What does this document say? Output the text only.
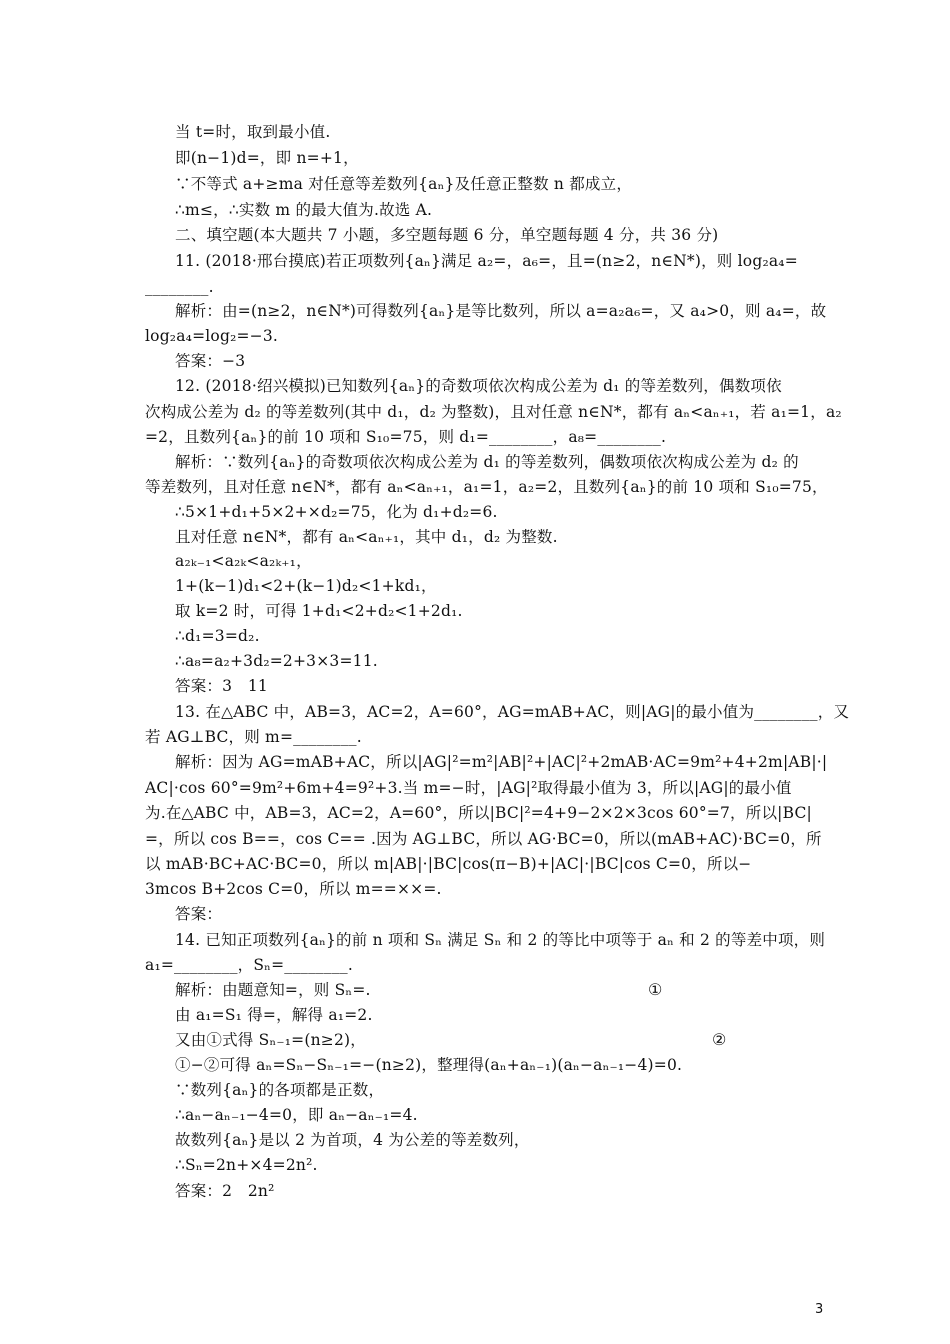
当 t=时，取到最小值.
即(n−1)d=，即 n=+1，
∵不等式 a+≥ma 对任意等差数列{aₙ}及任意正整数 n 都成立，
∴m≤，∴实数 m 的最大值为.故选 A.
二、填空题(本大题共 7 小题，多空题每题 6 分，单空题每题 4 分，共 36 分)
11. (2018·邢台摸底)若正项数列{aₙ}满足 a₂=，a₆=，且=(n≥2，n∈N*)，则 log₂a₄=
________.
解析：由=(n≥2，n∈N*)可得数列{aₙ}是等比数列，所以 a=a₂a₆=，又 a₄>0，则 a₄=，故
log₂a₄=log₂=−3.
答案：−3
12. (2018·绍兴模拟)已知数列{aₙ}的奇数项依次构成公差为 d₁ 的等差数列，偶数项依
次构成公差为 d₂ 的等差数列(其中 d₁，d₂ 为整数)，且对任意 n∈N*，都有 aₙ<aₙ₊₁，若 a₁=1，a₂
=2，且数列{aₙ}的前 10 项和 S₁₀=75，则 d₁=________，a₈=________.
解析：∵数列{aₙ}的奇数项依次构成公差为 d₁ 的等差数列，偶数项依次构成公差为 d₂ 的
等差数列，且对任意 n∈N*，都有 aₙ<aₙ₊₁，a₁=1，a₂=2，且数列{aₙ}的前 10 项和 S₁₀=75，
∴5×1+d₁+5×2+×d₂=75，化为 d₁+d₂=6.
且对任意 n∈N*，都有 aₙ<aₙ₊₁，其中 d₁，d₂ 为整数.
a₂ₖ₋₁<a₂ₖ<a₂ₖ₊₁，
1+(k−1)d₁<2+(k−1)d₂<1+kd₁，
取 k=2 时，可得 1+d₁<2+d₂<1+2d₁.
∴d₁=3=d₂.
∴a₈=a₂+3d₂=2+3×3=11.
答案：3　11
13. 在△ABC 中，AB=3，AC=2，A=60°，AG=mAB+AC，则|AG|的最小值为________，又
若 AG⊥BC，则 m=________.
解析：因为 AG=mAB+AC，所以|AG|²=m²|AB|²+|AC|²+2mAB·AC=9m²+4+2m|AB|·|
AC|·cos 60°=9m²+6m+4=9²+3.当 m=−时，|AG|²取得最小值为 3，所以|AG|的最小值
为.在△ABC 中，AB=3，AC=2，A=60°，所以|BC|²=4+9−2×2×3cos 60°=7，所以|BC|
=，所以 cos B==，cos C== .因为 AG⊥BC，所以 AG·BC=0，所以(mAB+AC)·BC=0，所
以 mAB·BC+AC·BC=0，所以 m|AB|·|BC|cos(π−B)+|AC|·|BC|cos C=0，所以−
3mcos B+2cos C=0，所以 m==××=.
答案：
14. 已知正项数列{aₙ}的前 n 项和 Sₙ 满足 Sₙ 和 2 的等比中项等于 aₙ 和 2 的等差中项，则
a₁=________，Sₙ=________.
解析：由题意知=，则 Sₙ=.	①
由 a₁=S₁ 得=，解得 a₁=2.
又由①式得 Sₙ₋₁=(n≥2)，	②
①−②可得 aₙ=Sₙ−Sₙ₋₁=−(n≥2)，整理得(aₙ+aₙ₋₁)(aₙ−aₙ₋₁−4)=0.
∵数列{aₙ}的各项都是正数，
∴aₙ−aₙ₋₁−4=0，即 aₙ−aₙ₋₁=4.
故数列{aₙ}是以 2 为首项，4 为公差的等差数列，
∴Sₙ=2n+×4=2n².
答案：2　2n²
3
